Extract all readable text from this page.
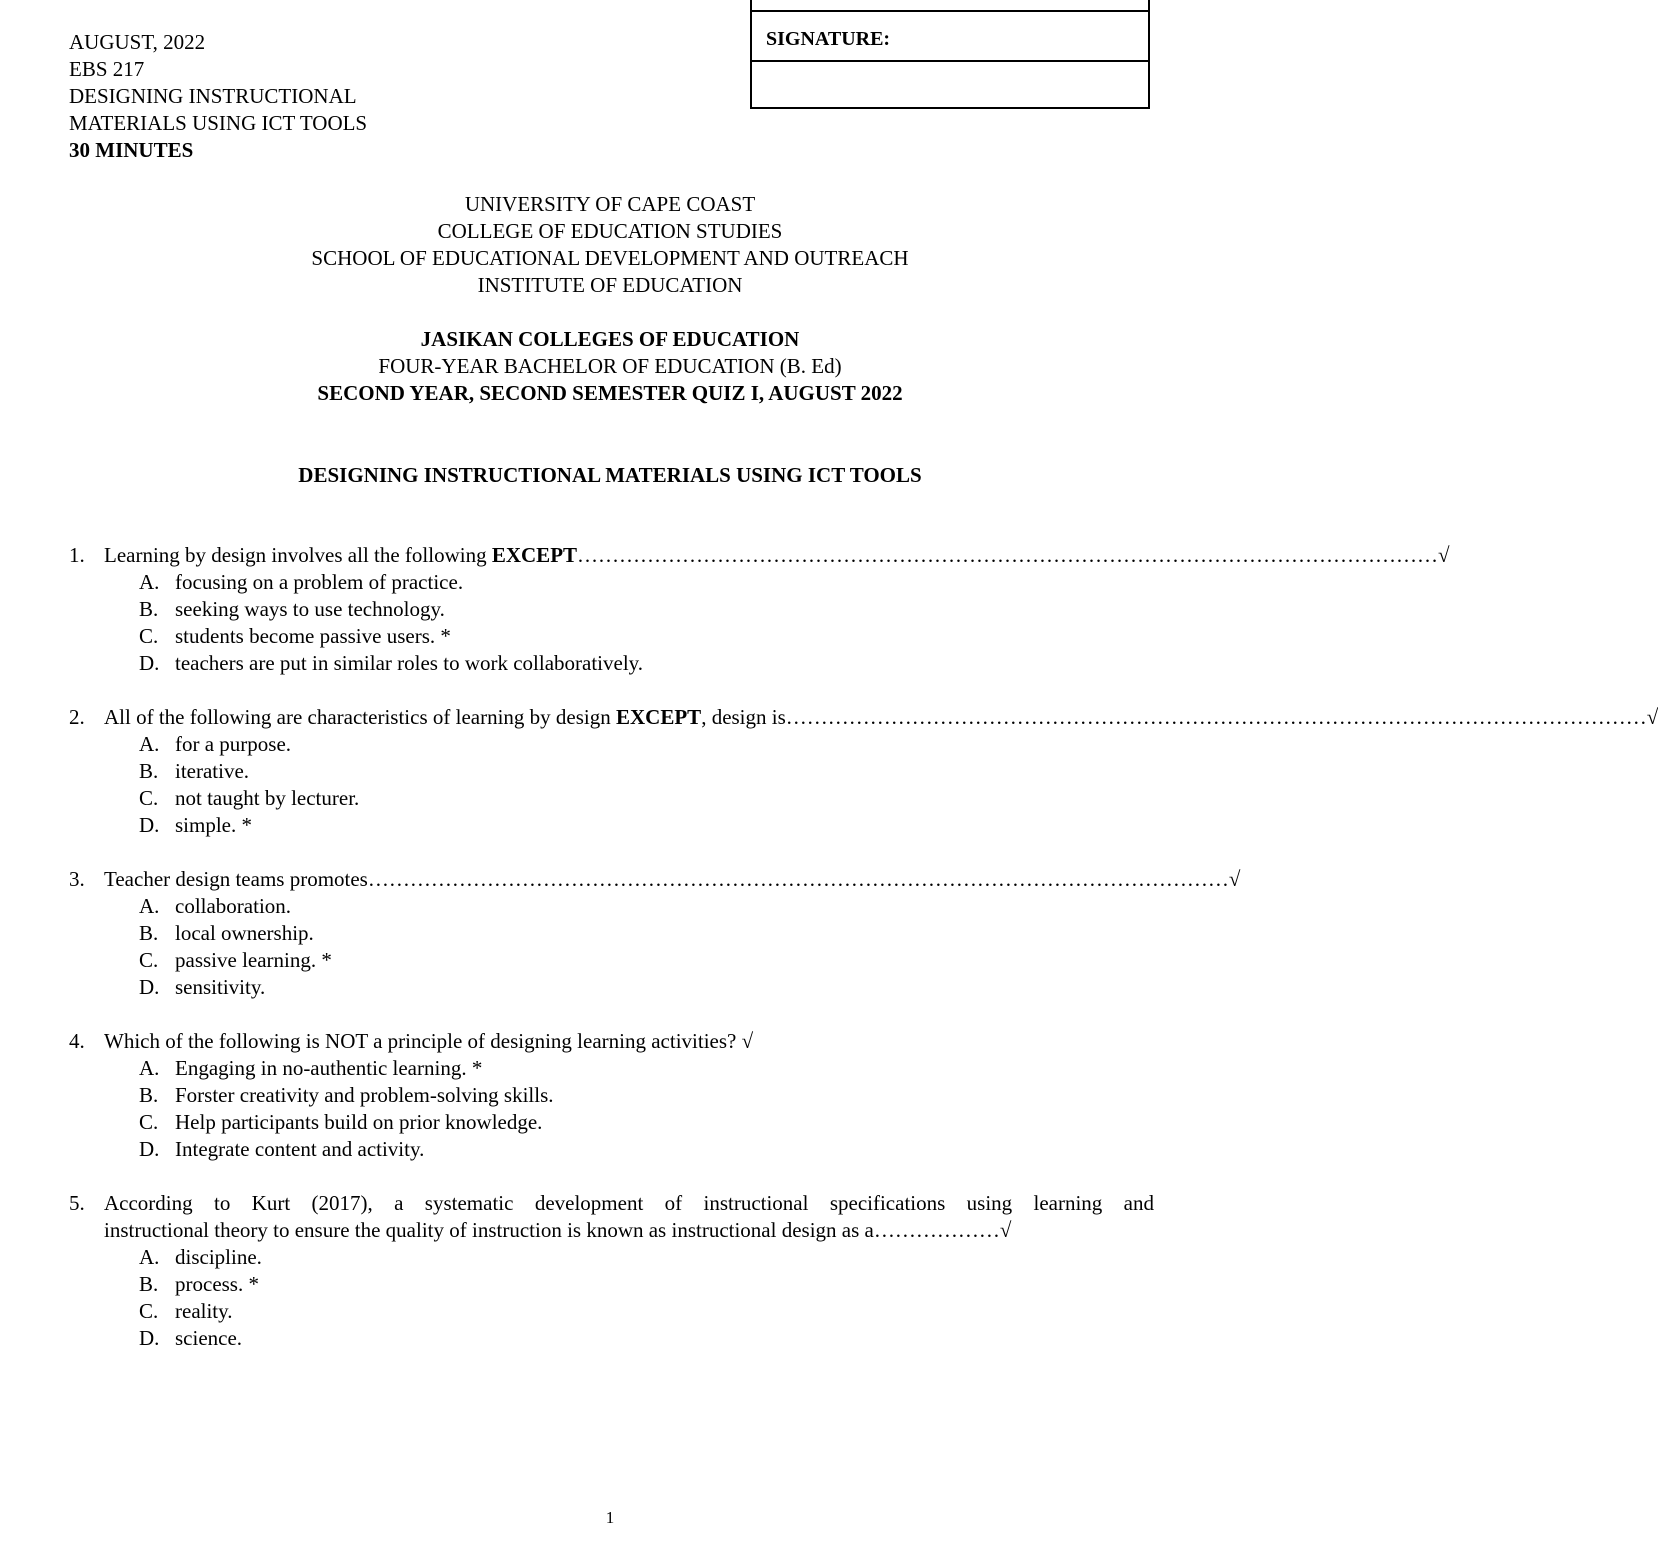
AUGUST, 2022
EBS 217
DESIGNING INSTRUCTIONAL
MATERIALS USING ICT TOOLS
30 MINUTES
SIGNATURE:
UNIVERSITY OF CAPE COAST
COLLEGE OF EDUCATION STUDIES
SCHOOL OF EDUCATIONAL DEVELOPMENT AND OUTREACH
INSTITUTE OF EDUCATION
JASIKAN COLLEGES OF EDUCATION
FOUR-YEAR BACHELOR OF EDUCATION (B. Ed)
SECOND YEAR, SECOND SEMESTER QUIZ I, AUGUST 2022
DESIGNING INSTRUCTIONAL MATERIALS USING ICT TOOLS
1. Learning by design involves all the following EXCEPT …………………………………………………………………………………………………………… √
A. focusing on a problem of practice.
B. seeking ways to use technology.
C. students become passive users. *
D. teachers are put in similar roles to work collaboratively.
2. All of the following are characteristics of learning by design EXCEPT, design is …………………………………………………………………………………………………………… √
A. for a purpose.
B. iterative.
C. not taught by lecturer.
D. simple. *
3. Teacher design teams promotes …………………………………………………………………………………………………………… √
A. collaboration.
B. local ownership.
C. passive learning. *
D. sensitivity.
4. Which of the following is NOT a principle of designing learning activities? √
A. Engaging in no-authentic learning. *
B. Forster creativity and problem-solving skills.
C. Help participants build on prior knowledge.
D. Integrate content and activity.
5. According to Kurt (2017), a systematic development of instructional specifications using learning and
instructional theory to ensure the quality of instruction is known as instructional design as a………………√
A. discipline.
B. process. *
C. reality.
D. science.
1
